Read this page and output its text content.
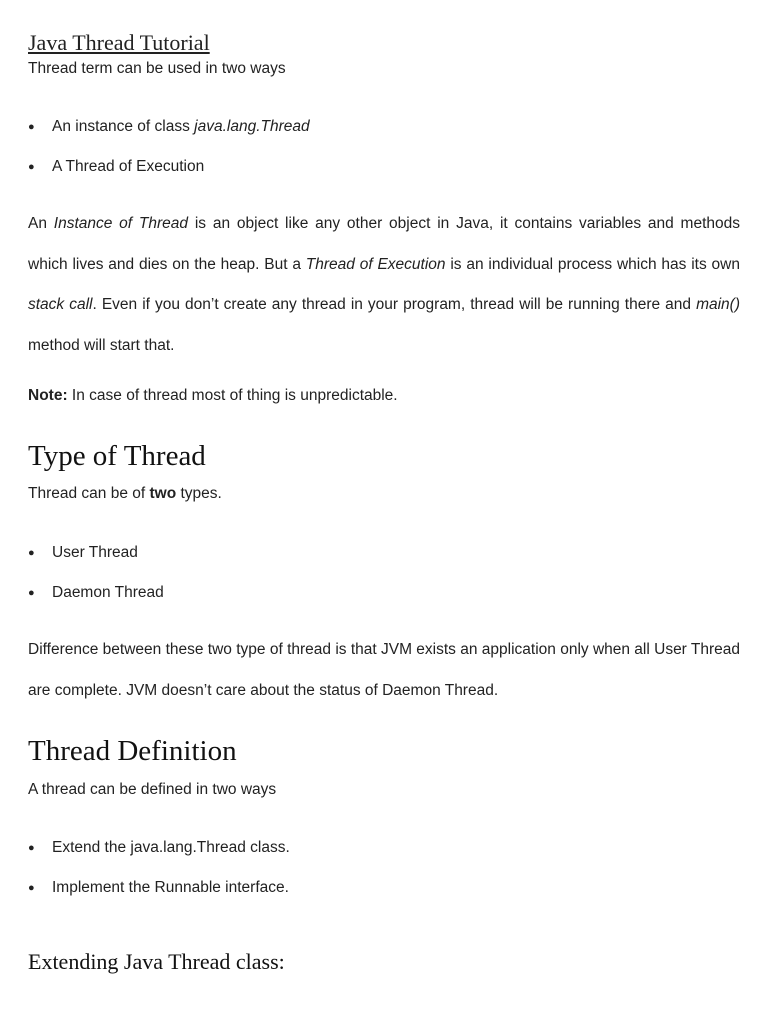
Java Thread Tutorial
Thread term can be used in two ways
● An instance of class java.lang.Thread
● A Thread of Execution
An Instance of Thread is an object like any other object in Java, it contains variables and methods which lives and dies on the heap. But a Thread of Execution is an individual process which has its own stack call. Even if you don’t create any thread in your program, thread will be running there and main() method will start that.
Note: In case of thread most of thing is unpredictable.
Type of Thread
Thread can be of two types.
● User Thread
● Daemon Thread
Difference between these two type of thread is that JVM exists an application only when all User Thread are complete. JVM doesn’t care about the status of Daemon Thread.
Thread Definition
A thread can be defined in two ways
● Extend the java.lang.Thread class.
● Implement the Runnable interface.
Extending Java Thread class:
